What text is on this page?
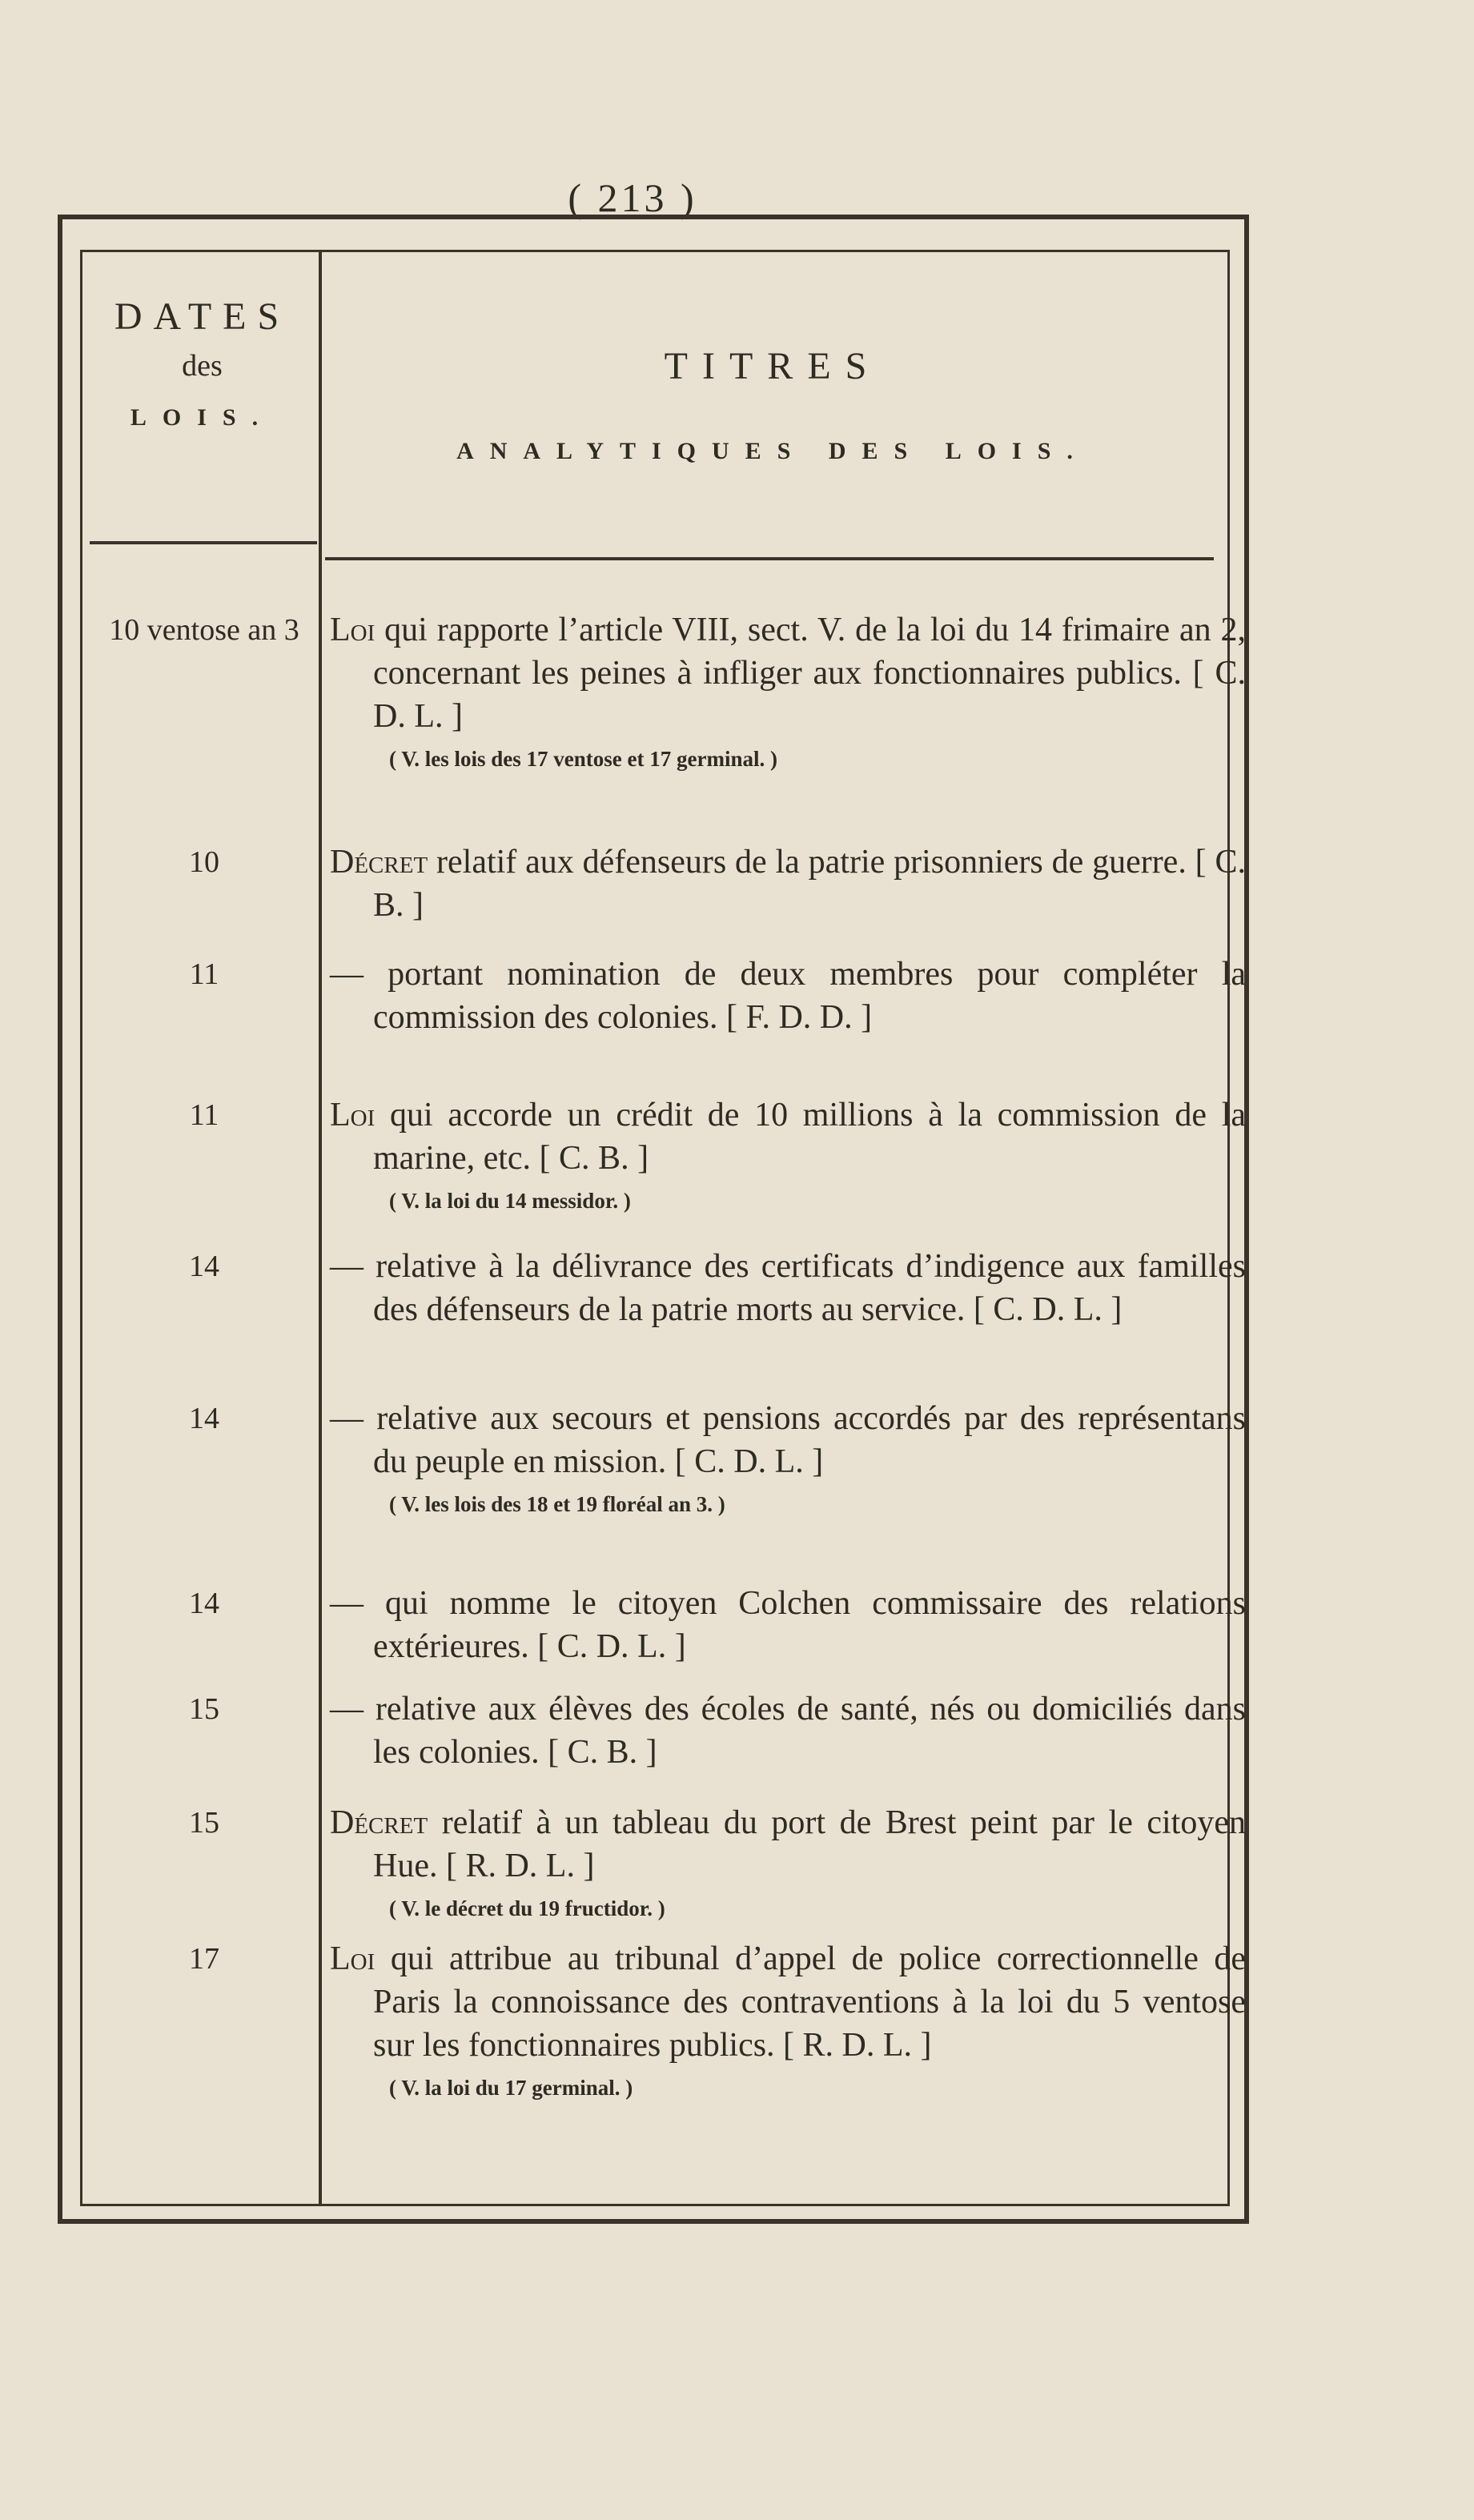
( 213 )
DATES
des
LOIS.
TITRES
ANALYTIQUES DES LOIS.
10 ventose an 3 Loi qui rapporte l’article VIII, sect. V. de la loi du 14 frimaire an 2, concernant les peines à infliger aux fonctionnaires publics. [ C. D. L. ]
( V. les lois des 17 ventose et 17 germinal. )
10	Décret relatif aux défenseurs de la patrie prisonniers de guerre. [ C. B. ]
11	— portant nomination de deux membres pour compléter la commission des colonies. [ F. D. D. ]
11	Loi qui accorde un crédit de 10 millions à la commission de la marine, etc. [ C. B. ]
( V. la loi du 14 messidor. )
14	— relative à la délivrance des certificats d’indigence aux familles des défenseurs de la patrie morts au service. [ C. D. L. ]
14	— relative aux secours et pensions accordés par des représentans du peuple en mission. [ C. D. L. ]
( V. les lois des 18 et 19 floréal an 3. )
14	— qui nomme le citoyen Colchen commissaire des relations extérieures. [ C. D. L. ]
15	— relative aux élèves des écoles de santé, nés ou domiciliés dans les colonies. [ C. B. ]
15	Décret relatif à un tableau du port de Brest peint par le citoyen Hue. [ R. D. L. ]
( V. le décret du 19 fructidor. )
17	Loi qui attribue au tribunal d’appel de police correctionnelle de Paris la connoissance des contraventions à la loi du 5 ventose sur les fonctionnaires publics. [ R. D. L. ]
( V. la loi du 17 germinal. )
